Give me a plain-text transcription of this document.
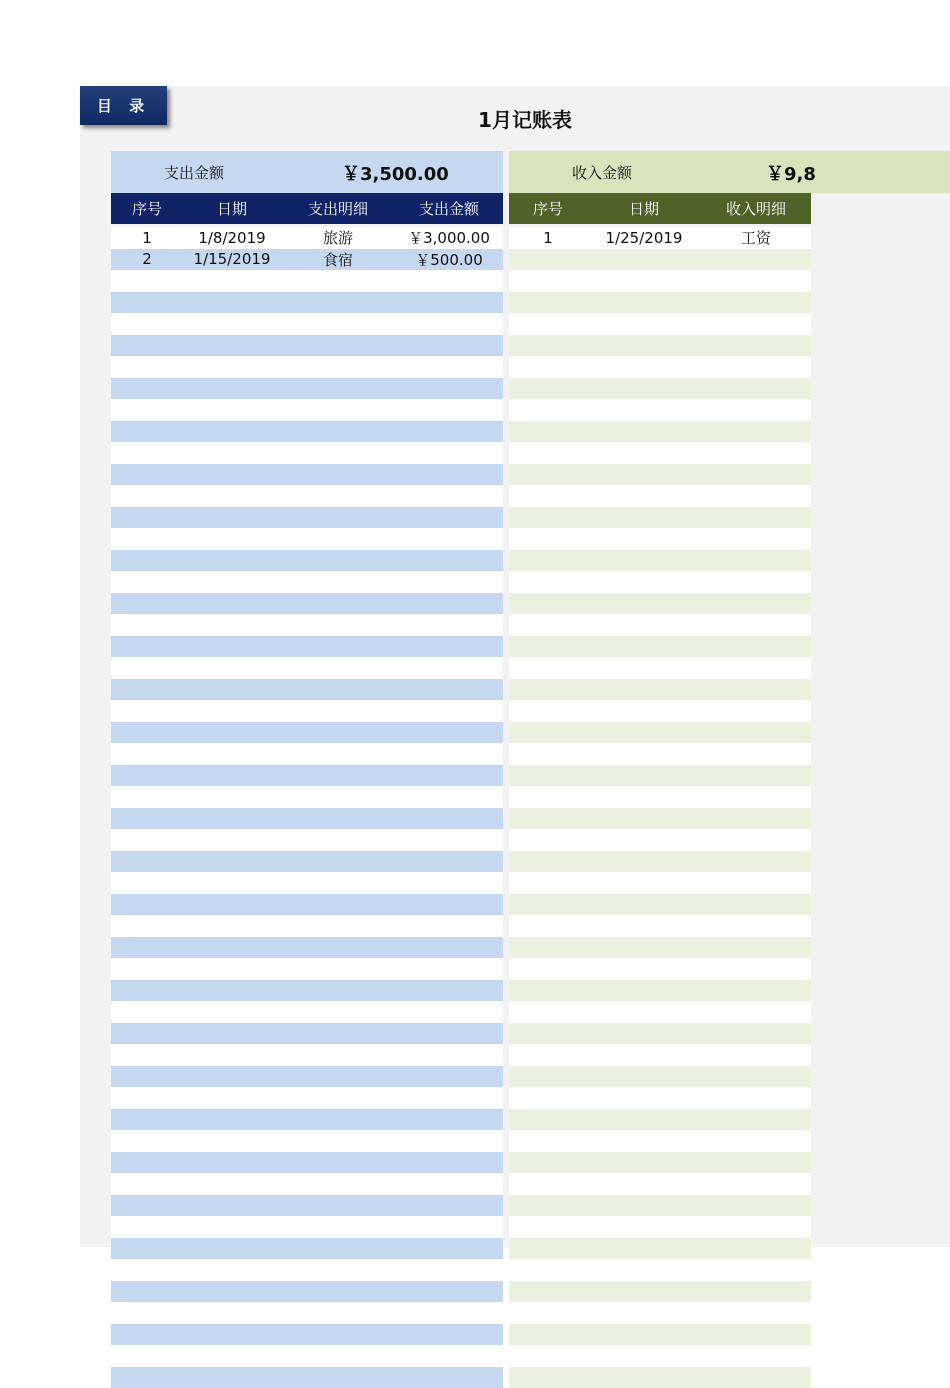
目 录
1月记账表
支出金额	￥3,500.00
序号	日期	支出明细	支出金额
1	1/8/2019	旅游	￥3,000.00
2	1/15/2019	食宿	￥500.00
收入金额	￥9,8
序号	日期	收入明细
1	1/25/2019	工资
